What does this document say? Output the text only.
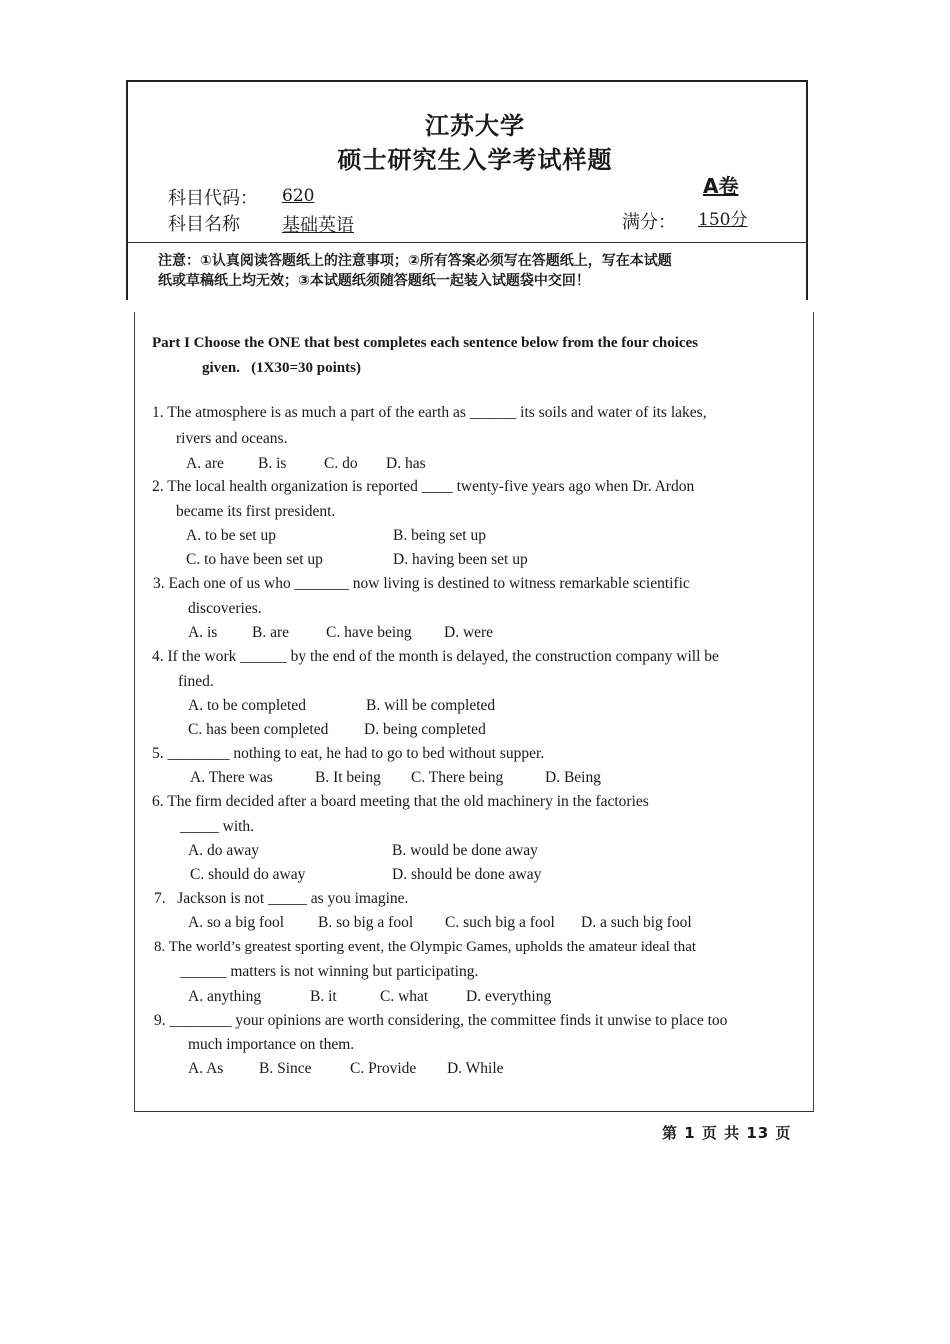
江苏大学
硕士研究生入学考试样题
A卷
科目代码： 620
科目名称 基础英语	满分： 150分
注意：①认真阅读答题纸上的注意事项；②所有答案必须写在答题纸上，写在本试题
纸或草稿纸上均无效；③本试题纸须随答题纸一起装入试题袋中交回！
Part I Choose the ONE that best completes each sentence below from the four choices
given.   (1X30=30 points)
1. The atmosphere is as much a part of the earth as ______ its soils and water of its lakes,
rivers and oceans.
A. are B. is C. do D. has
2. The local health organization is reported ____ twenty-five years ago when Dr. Ardon
became its first president.
A. to be set up	B. being set up
C. to have been set up	D. having been set up
3. Each one of us who _______ now living is destined to witness remarkable scientific
discoveries.
A. is B. are C. have being D. were
4. If the work ______ by the end of the month is delayed, the construction company will be
fined.
A. to be completed	B. will be completed
C. has been completed D. being completed
5. ________ nothing to eat, he had to go to bed without supper.
A. There was	B. It being C. There being	D. Being
6. The firm decided after a board meeting that the old machinery in the factories
_____ with.
A. do away	B. would be done away
C. should do away	D. should be done away
7.   Jackson is not _____ as you imagine.
A. so a big fool B. so big a fool C. such big a fool D. a such big fool
8. The world’s greatest sporting event, the Olympic Games, upholds the amateur ideal that
______ matters is not winning but participating.
A. anything	B. it	C. what D. everything
9. ________ your opinions are worth considering, the committee finds it unwise to place too
much importance on them.
A. As B. Since C. Provide D. While
第 1 页 共 13 页
